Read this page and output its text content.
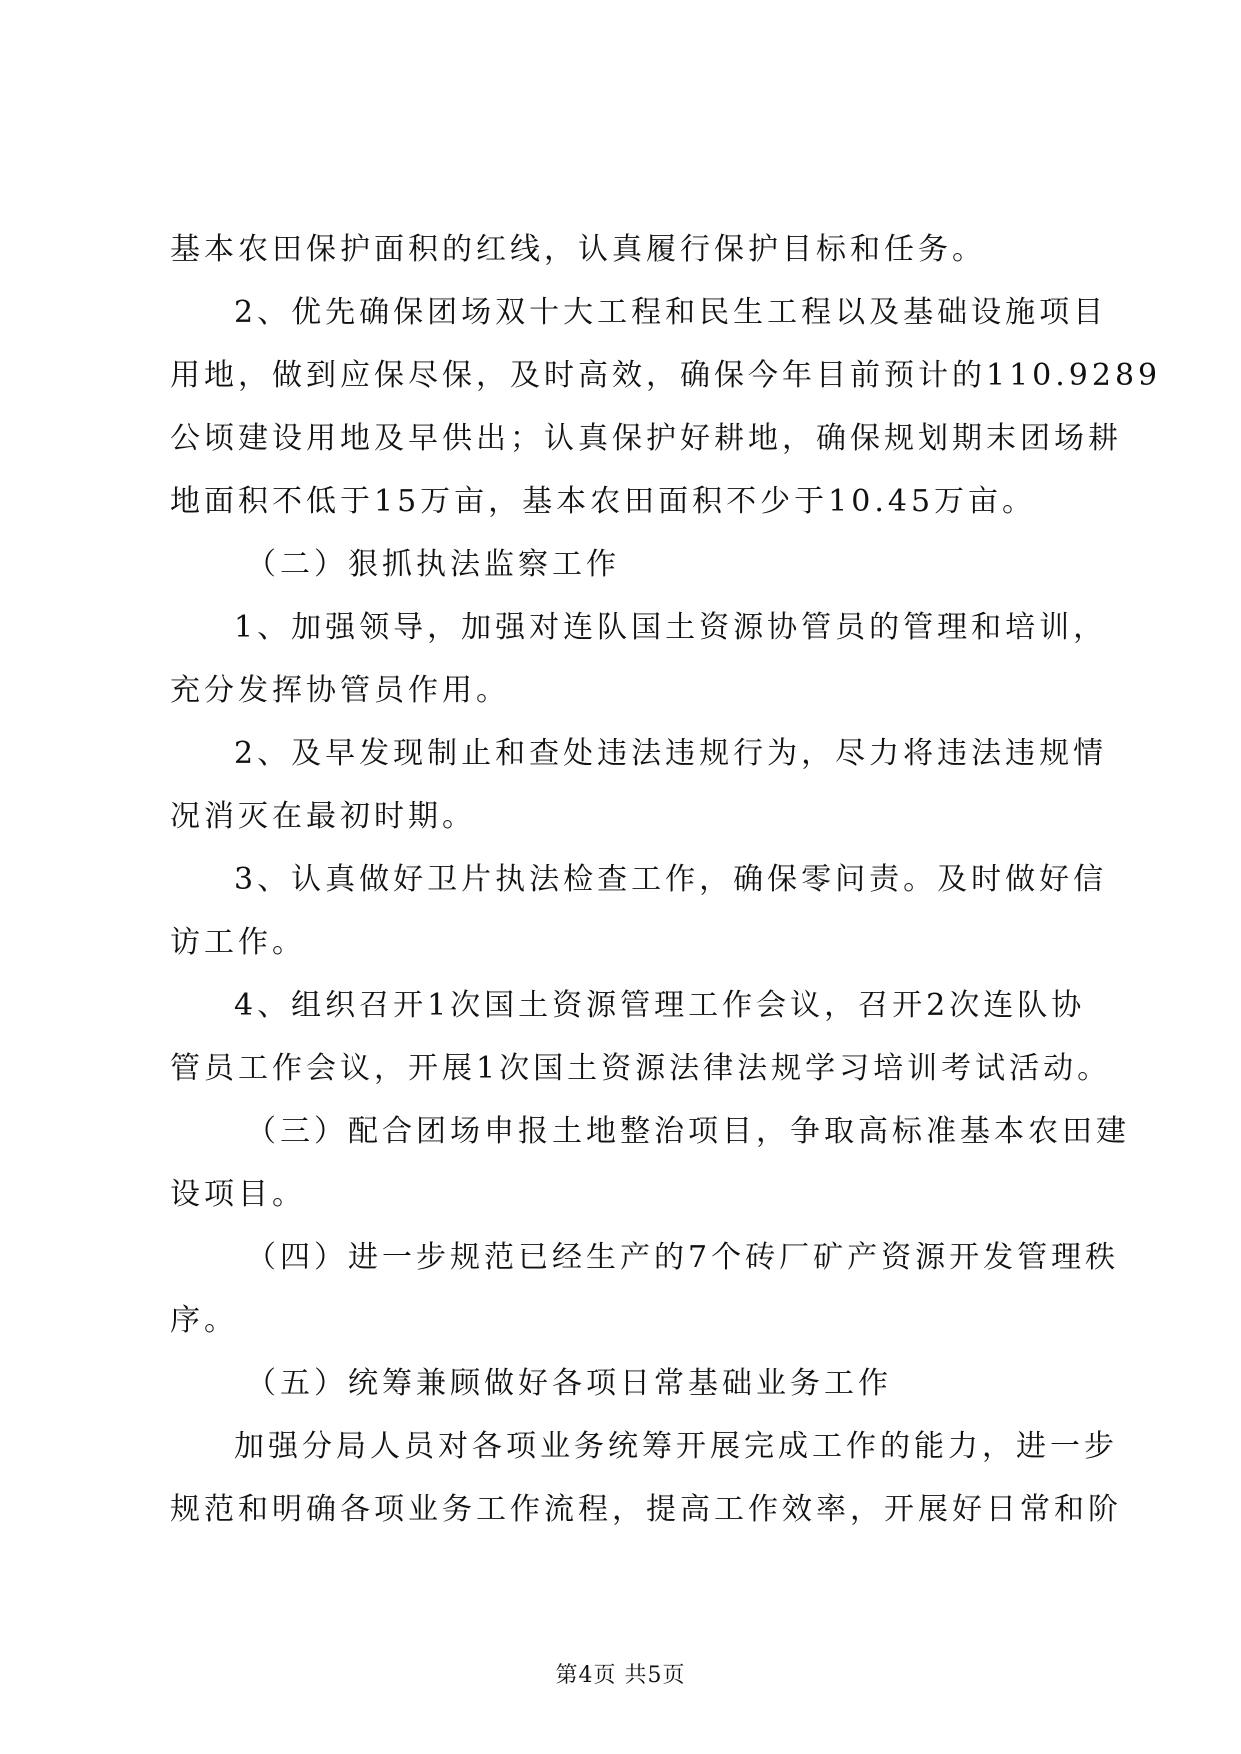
基本农田保护面积的红线，认真履行保护目标和任务。
2、优先确保团场双十大工程和民生工程以及基础设施项目
用地，做到应保尽保，及时高效，确保今年目前预计的110.9289
公顷建设用地及早供出；认真保护好耕地，确保规划期末团场耕
地面积不低于15万亩，基本农田面积不少于10.45万亩。
（二）狠抓执法监察工作
1、加强领导，加强对连队国土资源协管员的管理和培训，
充分发挥协管员作用。
2、及早发现制止和查处违法违规行为，尽力将违法违规情
况消灭在最初时期。
3、认真做好卫片执法检查工作，确保零问责。及时做好信
访工作。
4、组织召开1次国土资源管理工作会议，召开2次连队协
管员工作会议，开展1次国土资源法律法规学习培训考试活动。
（三）配合团场申报土地整治项目，争取高标准基本农田建
设项目。
（四）进一步规范已经生产的7个砖厂矿产资源开发管理秩
序。
（五）统筹兼顾做好各项日常基础业务工作
加强分局人员对各项业务统筹开展完成工作的能力，进一步
规范和明确各项业务工作流程，提高工作效率，开展好日常和阶
第4页 共5页
